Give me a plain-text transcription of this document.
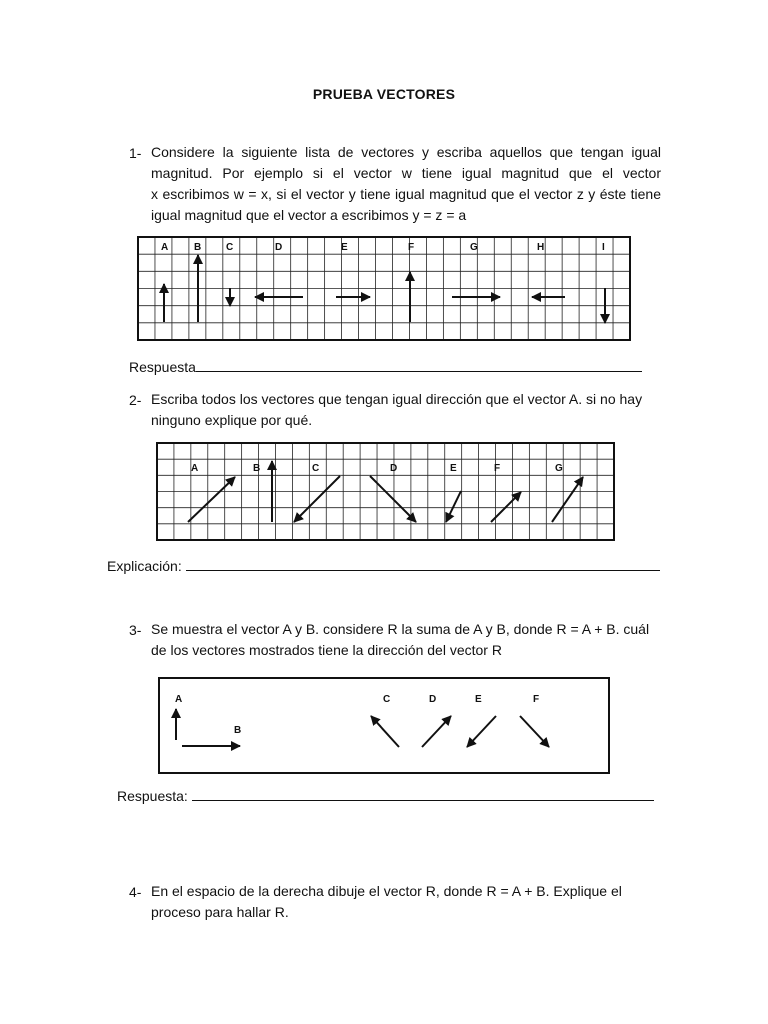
PRUEBA VECTORES
1- Considere la siguiente lista de vectores y escriba aquellos que tengan igual
magnitud. Por ejemplo si el vector w tiene igual magnitud que el vector
x escribimos w = x, si el vector y tiene igual magnitud que el vector z y éste tiene
igual magnitud que el vector a escribimos y = z = a
A	B C	D	E	F	G	H	I
A	B	C	D	E	F	G
A
B
C	D	E	F
Respuesta
2- Escriba todos los vectores que tengan igual dirección que el vector A. si no hay
ninguno explique por qué.
Explicación:
3- Se muestra el vector A y B. considere R la suma de A y B, donde R = A + B. cuál
de los vectores mostrados tiene la dirección del vector R
Respuesta:
4- En el espacio de la derecha dibuje el vector R, donde R = A + B. Explique el
proceso para hallar R.
